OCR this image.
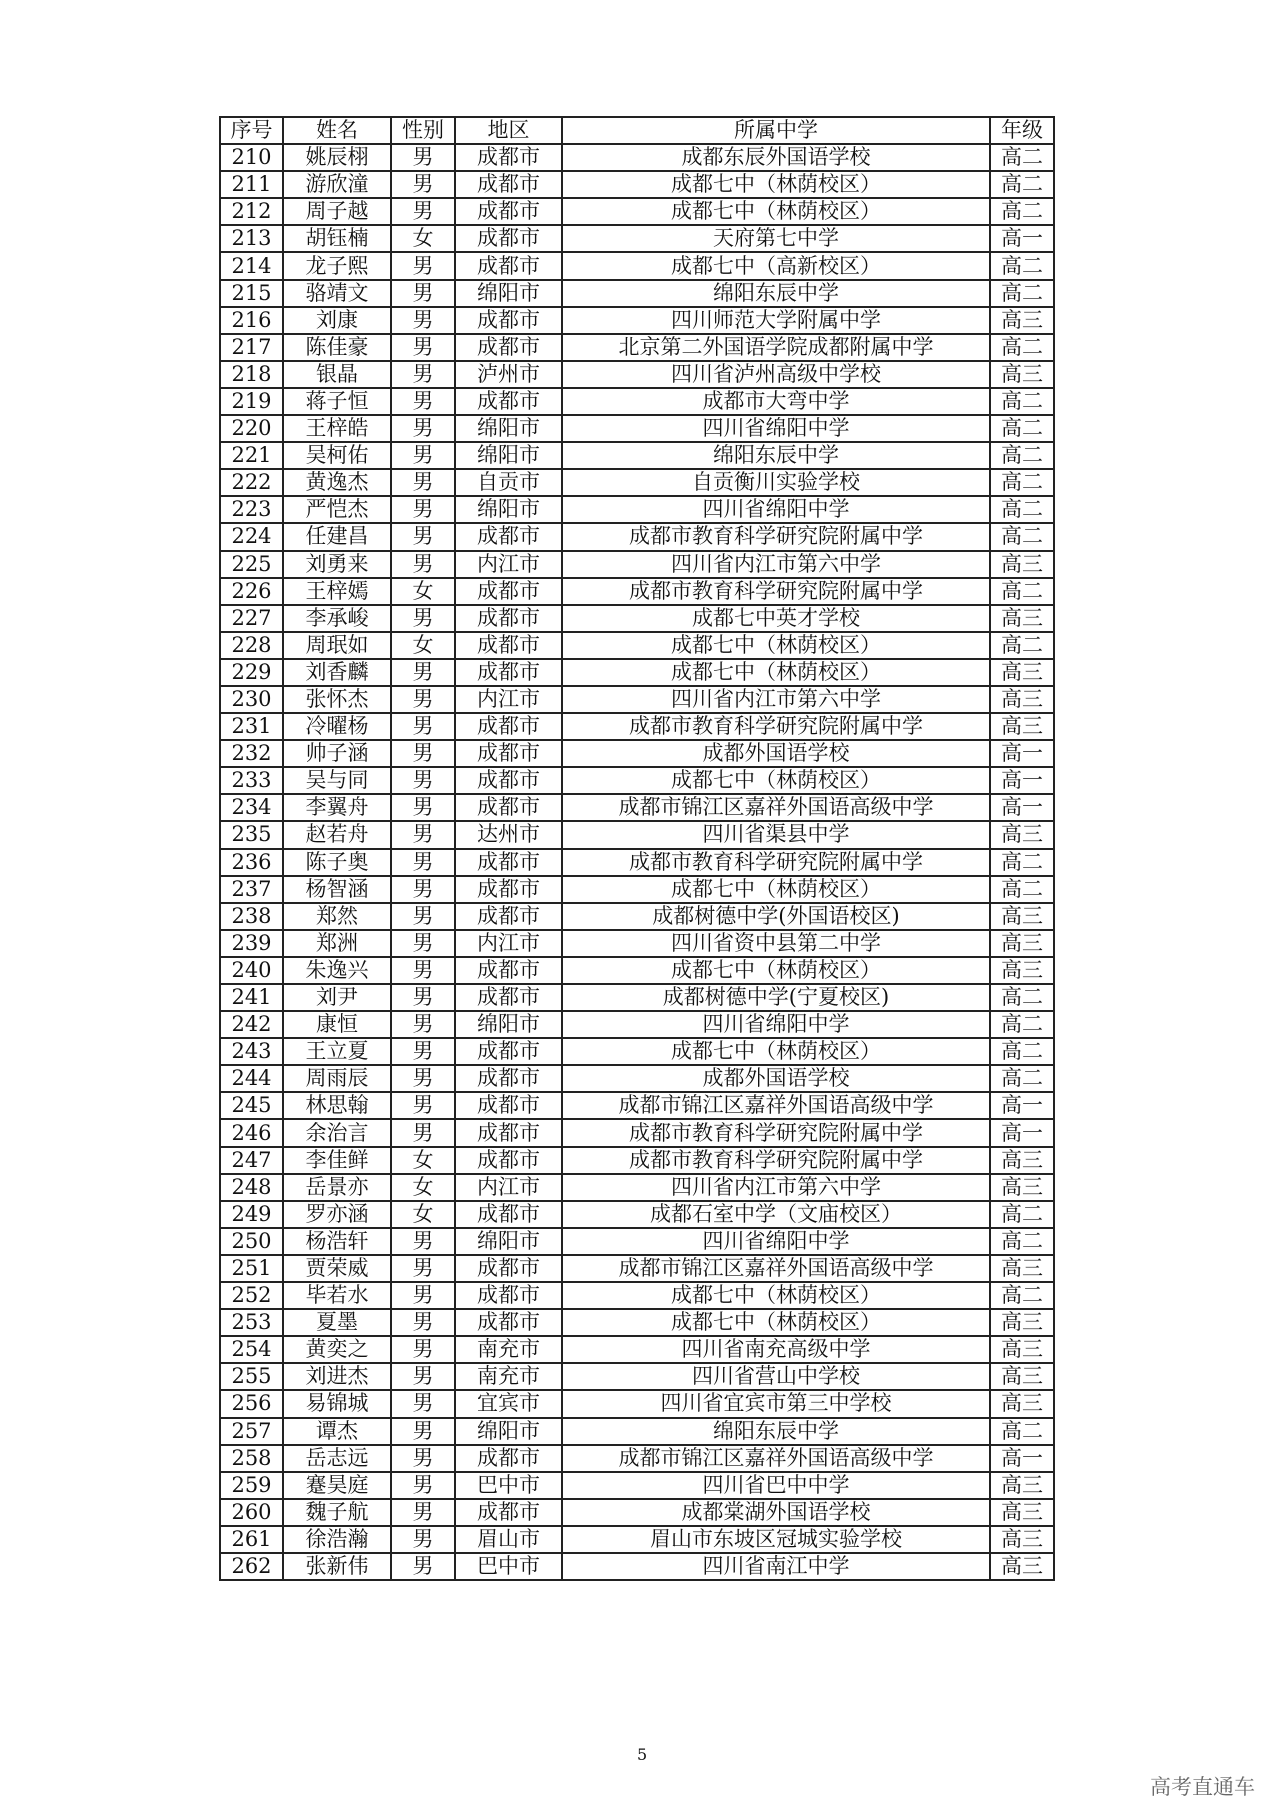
序号	姓名	性别	地区	所属中学	年级
210	姚辰栩	男	成都市	成都东辰外国语学校	高二
211	游欣潼	男	成都市	成都七中（林荫校区）	高二
212	周子越	男	成都市	成都七中（林荫校区）	高二
213	胡钰楠	女	成都市	天府第七中学	高一
214	龙子熙	男	成都市	成都七中（高新校区）	高二
215	骆靖文	男	绵阳市	绵阳东辰中学	高二
216	刘康	男	成都市	四川师范大学附属中学	高三
217	陈佳豪	男	成都市	北京第二外国语学院成都附属中学	高二
218	银晶	男	泸州市	四川省泸州高级中学校	高三
219	蒋子恒	男	成都市	成都市大弯中学	高二
220	王梓皓	男	绵阳市	四川省绵阳中学	高二
221	吴柯佑	男	绵阳市	绵阳东辰中学	高二
222	黄逸杰	男	自贡市	自贡衡川实验学校	高二
223	严恺杰	男	绵阳市	四川省绵阳中学	高二
224	任建昌	男	成都市	成都市教育科学研究院附属中学	高二
225	刘勇来	男	内江市	四川省内江市第六中学	高三
226	王梓嫣	女	成都市	成都市教育科学研究院附属中学	高二
227	李承峻	男	成都市	成都七中英才学校	高三
228	周珉如	女	成都市	成都七中（林荫校区）	高二
229	刘香麟	男	成都市	成都七中（林荫校区）	高三
230	张怀杰	男	内江市	四川省内江市第六中学	高三
231	冷曜杨	男	成都市	成都市教育科学研究院附属中学	高三
232	帅子涵	男	成都市	成都外国语学校	高一
233	吴与同	男	成都市	成都七中（林荫校区）	高一
234	李翼舟	男	成都市	成都市锦江区嘉祥外国语高级中学	高一
235	赵若舟	男	达州市	四川省渠县中学	高三
236	陈子奥	男	成都市	成都市教育科学研究院附属中学	高二
237	杨智涵	男	成都市	成都七中（林荫校区）	高二
238	郑然	男	成都市	成都树德中学(外国语校区)	高三
239	郑洲	男	内江市	四川省资中县第二中学	高三
240	朱逸兴	男	成都市	成都七中（林荫校区）	高三
241	刘尹	男	成都市	成都树德中学(宁夏校区)	高二
242	康恒	男	绵阳市	四川省绵阳中学	高二
243	王立夏	男	成都市	成都七中（林荫校区）	高二
244	周雨辰	男	成都市	成都外国语学校	高二
245	林思翰	男	成都市	成都市锦江区嘉祥外国语高级中学	高一
246	余治言	男	成都市	成都市教育科学研究院附属中学	高一
247	李佳鲜	女	成都市	成都市教育科学研究院附属中学	高三
248	岳景亦	女	内江市	四川省内江市第六中学	高三
249	罗亦涵	女	成都市	成都石室中学（文庙校区）	高二
250	杨浩轩	男	绵阳市	四川省绵阳中学	高二
251	贾荣威	男	成都市	成都市锦江区嘉祥外国语高级中学	高三
252	毕若水	男	成都市	成都七中（林荫校区）	高二
253	夏墨	男	成都市	成都七中（林荫校区）	高三
254	黄奕之	男	南充市	四川省南充高级中学	高三
255	刘进杰	男	南充市	四川省营山中学校	高三
256	易锦城	男	宜宾市	四川省宜宾市第三中学校	高三
257	谭杰	男	绵阳市	绵阳东辰中学	高二
258	岳志远	男	成都市	成都市锦江区嘉祥外国语高级中学	高一
259	蹇昊庭	男	巴中市	四川省巴中中学	高三
260	魏子航	男	成都市	成都棠湖外国语学校	高三
261	徐浩瀚	男	眉山市	眉山市东坡区冠城实验学校	高三
262	张新伟	男	巴中市	四川省南江中学	高三
5
高考直通车
